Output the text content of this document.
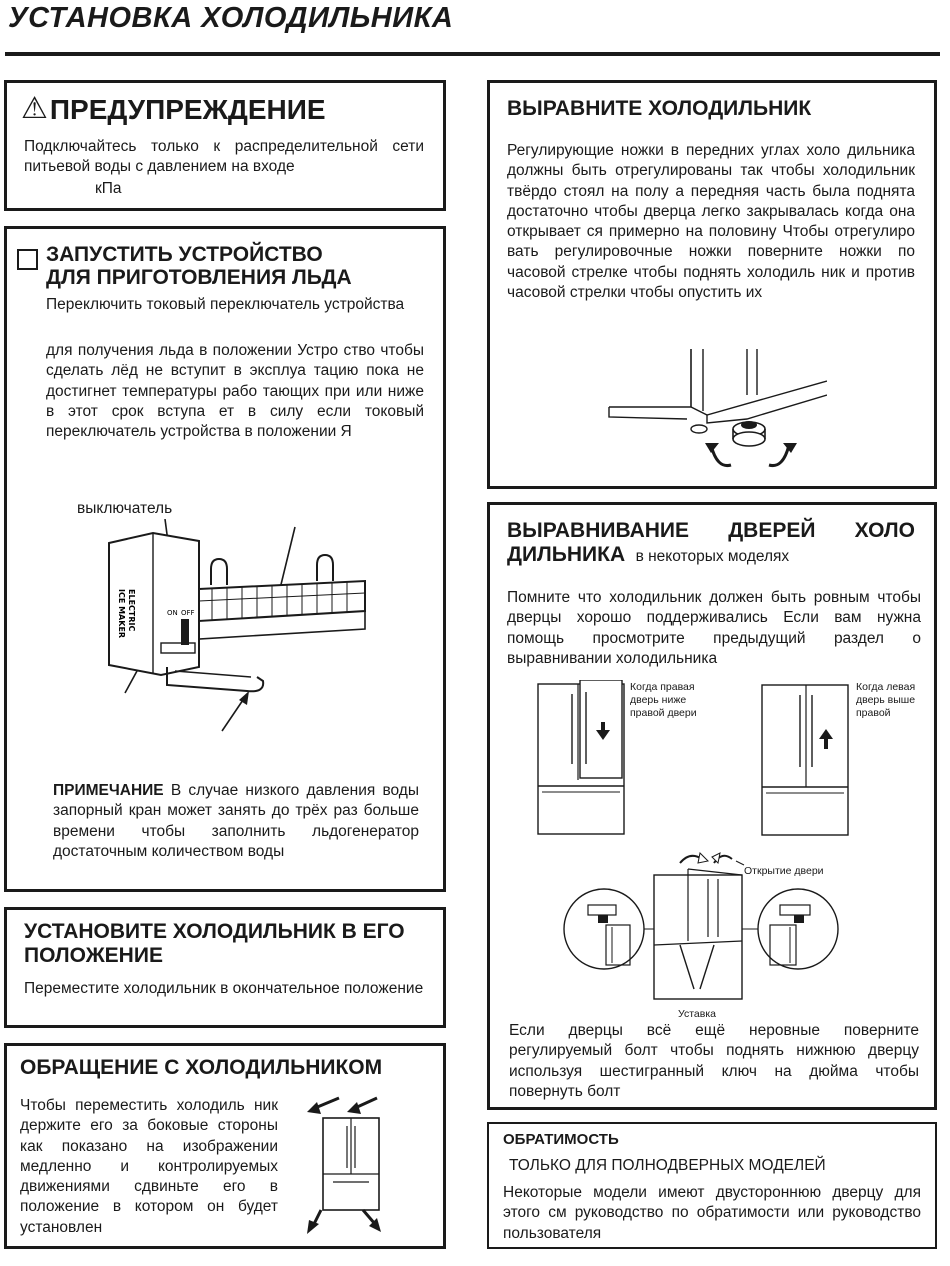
УСТАНОВКА ХОЛОДИЛЬНИКА
⚠ ПРЕДУПРЕЖДЕНИЕ
Подключайтесь только к распределительной сети питьевой воды с давлением на входе
кПа
ЗАПУСТИТЬ УСТРОЙСТВО
ДЛЯ ПРИГОТОВЛЕНИЯ ЛЬДА
Переключить токовый переключатель устройства
для получения льда в положении Устро ство чтобы сделать лёд не вступит в эксплуа тацию пока не достигнет температуры рабо тающих при или ниже в этот срок вступа ет в силу если токовый переключатель устройства в положении Я
выключатель
ELECTRIC
ICE MAKER	ON OFF
ПРИМЕЧАНИЕ В случае низкого давления воды запорный кран может занять до трёх раз больше времени чтобы заполнить льдогенератор достаточным количеством воды
УСТАНОВИТЕ ХОЛОДИЛЬНИК В ЕГО ПОЛОЖЕНИЕ
Переместите холодильник в окончательное положение
ОБРАЩЕНИЕ С ХОЛОДИЛЬНИКОМ
Чтобы переместить холодиль ник держите его за боковые стороны как показано на изображении медленно и контролируемых движениями сдвиньте его в положение в котором он будет установлен
ВЫРАВНИТЕ ХОЛОДИЛЬНИК
Регулирующие ножки в передних углах холо дильника должны быть отрегулированы так чтобы холодильник твёрдо стоял на полу а передняя часть была поднята достаточно чтобы дверца легко закрывалась когда она открывает ся примерно на половину Чтобы отрегулиро вать регулировочные ножки поверните ножки по часовой стрелке чтобы поднять холодиль ник и против часовой стрелки чтобы опустить их
ВЫРАВНИВАНИЕ ДВЕРЕЙ ХОЛО
ДИЛЬНИКА в некоторых моделях
Помните что холодильник должен быть ровным чтобы дверцы хорошо поддерживались Если вам нужна помощь просмотрите предыдущий раздел о выравнивании холодильника
Когда правая дверь ниже правой двери
Когда левая дверь выше правой
Открытие двери
Уставка
Если дверцы всё ещё неровные поверните регулируемый болт чтобы поднять нижнюю дверцу используя шестигранный ключ на дюйма чтобы повернуть болт
ОБРАТИМОСТЬ
ТОЛЬКО ДЛЯ ПОЛНОДВЕРНЫХ МОДЕЛЕЙ
Некоторые модели имеют двустороннюю дверцу для этого см руководство по обратимости или руководство пользователя
